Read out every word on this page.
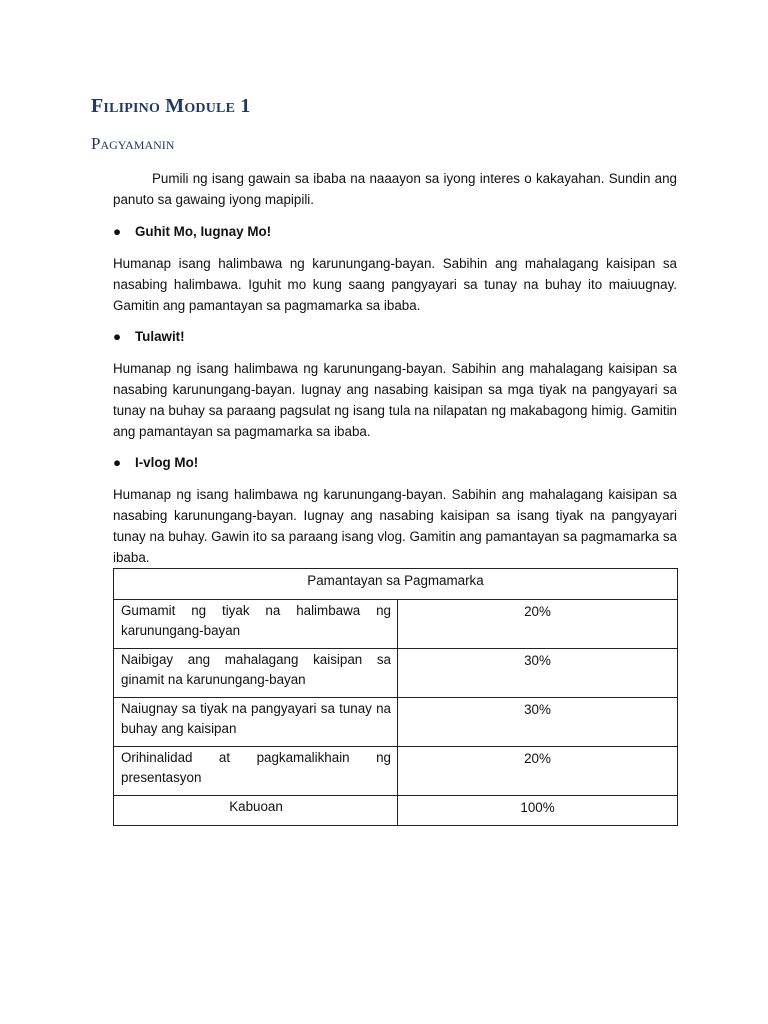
Filipino Module 1
Pagyamanin

Pumili ng isang gawain sa ibaba na naaayon sa iyong interes o kakayahan. Sundin ang panuto sa gawaing iyong mapipili.

●	Guhit Mo, Iugnay Mo!

Humanap isang halimbawa ng karunungang-bayan. Sabihin ang mahalagang kaisipan sa nasabing halimbawa. Iguhit mo kung saang pangyayari sa tunay na buhay ito maiuugnay. Gamitin ang pamantayan sa pagmamarka sa ibaba.

●	Tulawit!

Humanap ng isang halimbawa ng karunungang-bayan. Sabihin ang mahalagang kaisipan sa nasabing karunungang-bayan. Iugnay ang nasabing kaisipan sa mga tiyak na pangyayari sa tunay na buhay sa paraang pagsulat ng isang tula na nilapatan ng makabagong himig. Gamitin ang pamantayan sa pagmamarka sa ibaba.

●	I-vlog Mo!

Humanap ng isang halimbawa ng karunungang-bayan. Sabihin ang mahalagang kaisipan sa nasabing karunungang-bayan. Iugnay ang nasabing kaisipan sa isang tiyak na pangyayari tunay na buhay. Gawin ito sa paraang isang vlog. Gamitin ang pamantayan sa pagmamarka sa ibaba.

Pamantayan sa Pagmamarka	
Gumamit ng tiyak na halimbawa ng karunungang-bayan	20%
Naibigay ang mahalagang kaisipan sa ginamit na karunungang-bayan	30%
Naiugnay sa tiyak na pangyayari sa tunay na buhay ang kaisipan	30%
Orihinalidad at pagkamalikhain ng presentasyon	20%
Kabuoan	100%
